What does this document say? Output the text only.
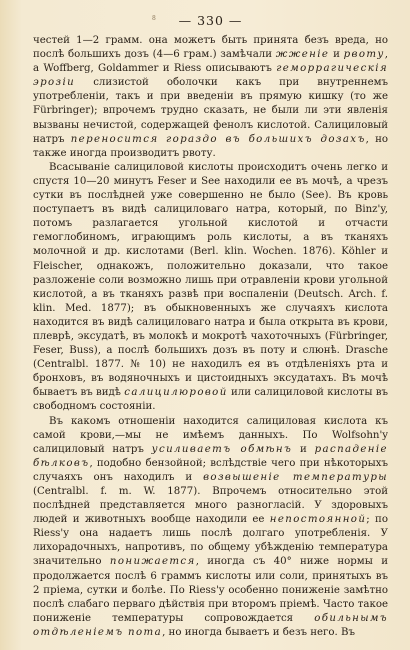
8	— 330 —

честей 1—2 грамм. она можетъ быть принята безъ вреда, но послѣ большихъ дозъ (4—6 грам.) замѣчали жженіе и рвоту, а Woffberg, Goldammer и Riess описываютъ геморрагическія эрозіи слизистой оболочки какъ при внутреннемъ употребленіи, такъ и при введеніи въ прямую кишку (то же Fürbringer); впрочемъ трудно сказать, не были ли эти явленія вызваны нечистой, содержащей фенолъ кислотой. Салициловый натръ переносится гораздо въ большихъ дозахъ, но также иногда производитъ рвоту.

Всасываніе салициловой кислоты происходитъ очень легко и спустя 10—20 минутъ Feser и See находили ее въ мочѣ, а чрезъ сутки въ послѣдней уже совершенно не было (See). Въ кровь поступаетъ въ видѣ салициловаго натра, который, по Binz'y, потомъ разлагается угольной кислотой и отчасти гемоглобиномъ, играющимъ роль кислоты, а въ тканяхъ молочной и др. кислотами (Berl. klin. Wochen. 1876). Köhler и Fleischer, однакожъ, положительно доказали, что такое разложеніе соли возможно лишь при отравленіи крови угольной кислотой, а въ тканяхъ развѣ при воспаленіи (Deutsch. Arch. f. klin. Med. 1877); въ обыкновенныхъ же случаяхъ кислота находится въ видѣ салициловаго натра и была открыта въ крови, плеврѣ, эксудатѣ, въ молокѣ и мокротѣ чахоточныхъ (Fürbringer, Feser, Buss), а послѣ большихъ дозъ въ поту и слюнѣ. Drasche (Centralbl. 1877. № 10) не находилъ ея въ отдѣленіяхъ рта и бронховъ, въ водяночныхъ и цистоидныхъ эксудатахъ. Въ мочѣ бываетъ въ видѣ салицилюровой или салициловой кислоты въ свободномъ состояніи.

Въ какомъ отношеніи находится салициловая кислота къ самой крови,—мы не имѣемъ данныхъ. По Wolfsohn'y салициловый натръ усиливаетъ обмѣнъ и распаденіе бѣлковъ, подобно бензойной; вслѣдствіе чего при нѣкоторыхъ случаяхъ онъ находилъ и возвышеніе температуры (Centralbl. f. m. W. 1877). Впрочемъ относительно этой послѣдней представляется много разногласій. У здоровыхъ людей и животныхъ вообще находили ее непостоянной; по Riess'y она надаетъ лишь послѣ долгаго употребленія. У лихорадочныхъ, напротивъ, по общему убѣжденію температура значительно понижается, иногда съ 40° ниже нормы и продолжается послѣ 6 граммъ кислоты или соли, принятыхъ въ 2 пріема, сутки и болѣе. По Riess'y особенно пониженіе замѣтно послѣ слабаго перваго дѣйствія при второмъ пріемѣ. Часто такое пониженіе температуры сопровождается обильнымъ отдѣленіемъ пота, но иногда бываетъ и безъ него. Въ
